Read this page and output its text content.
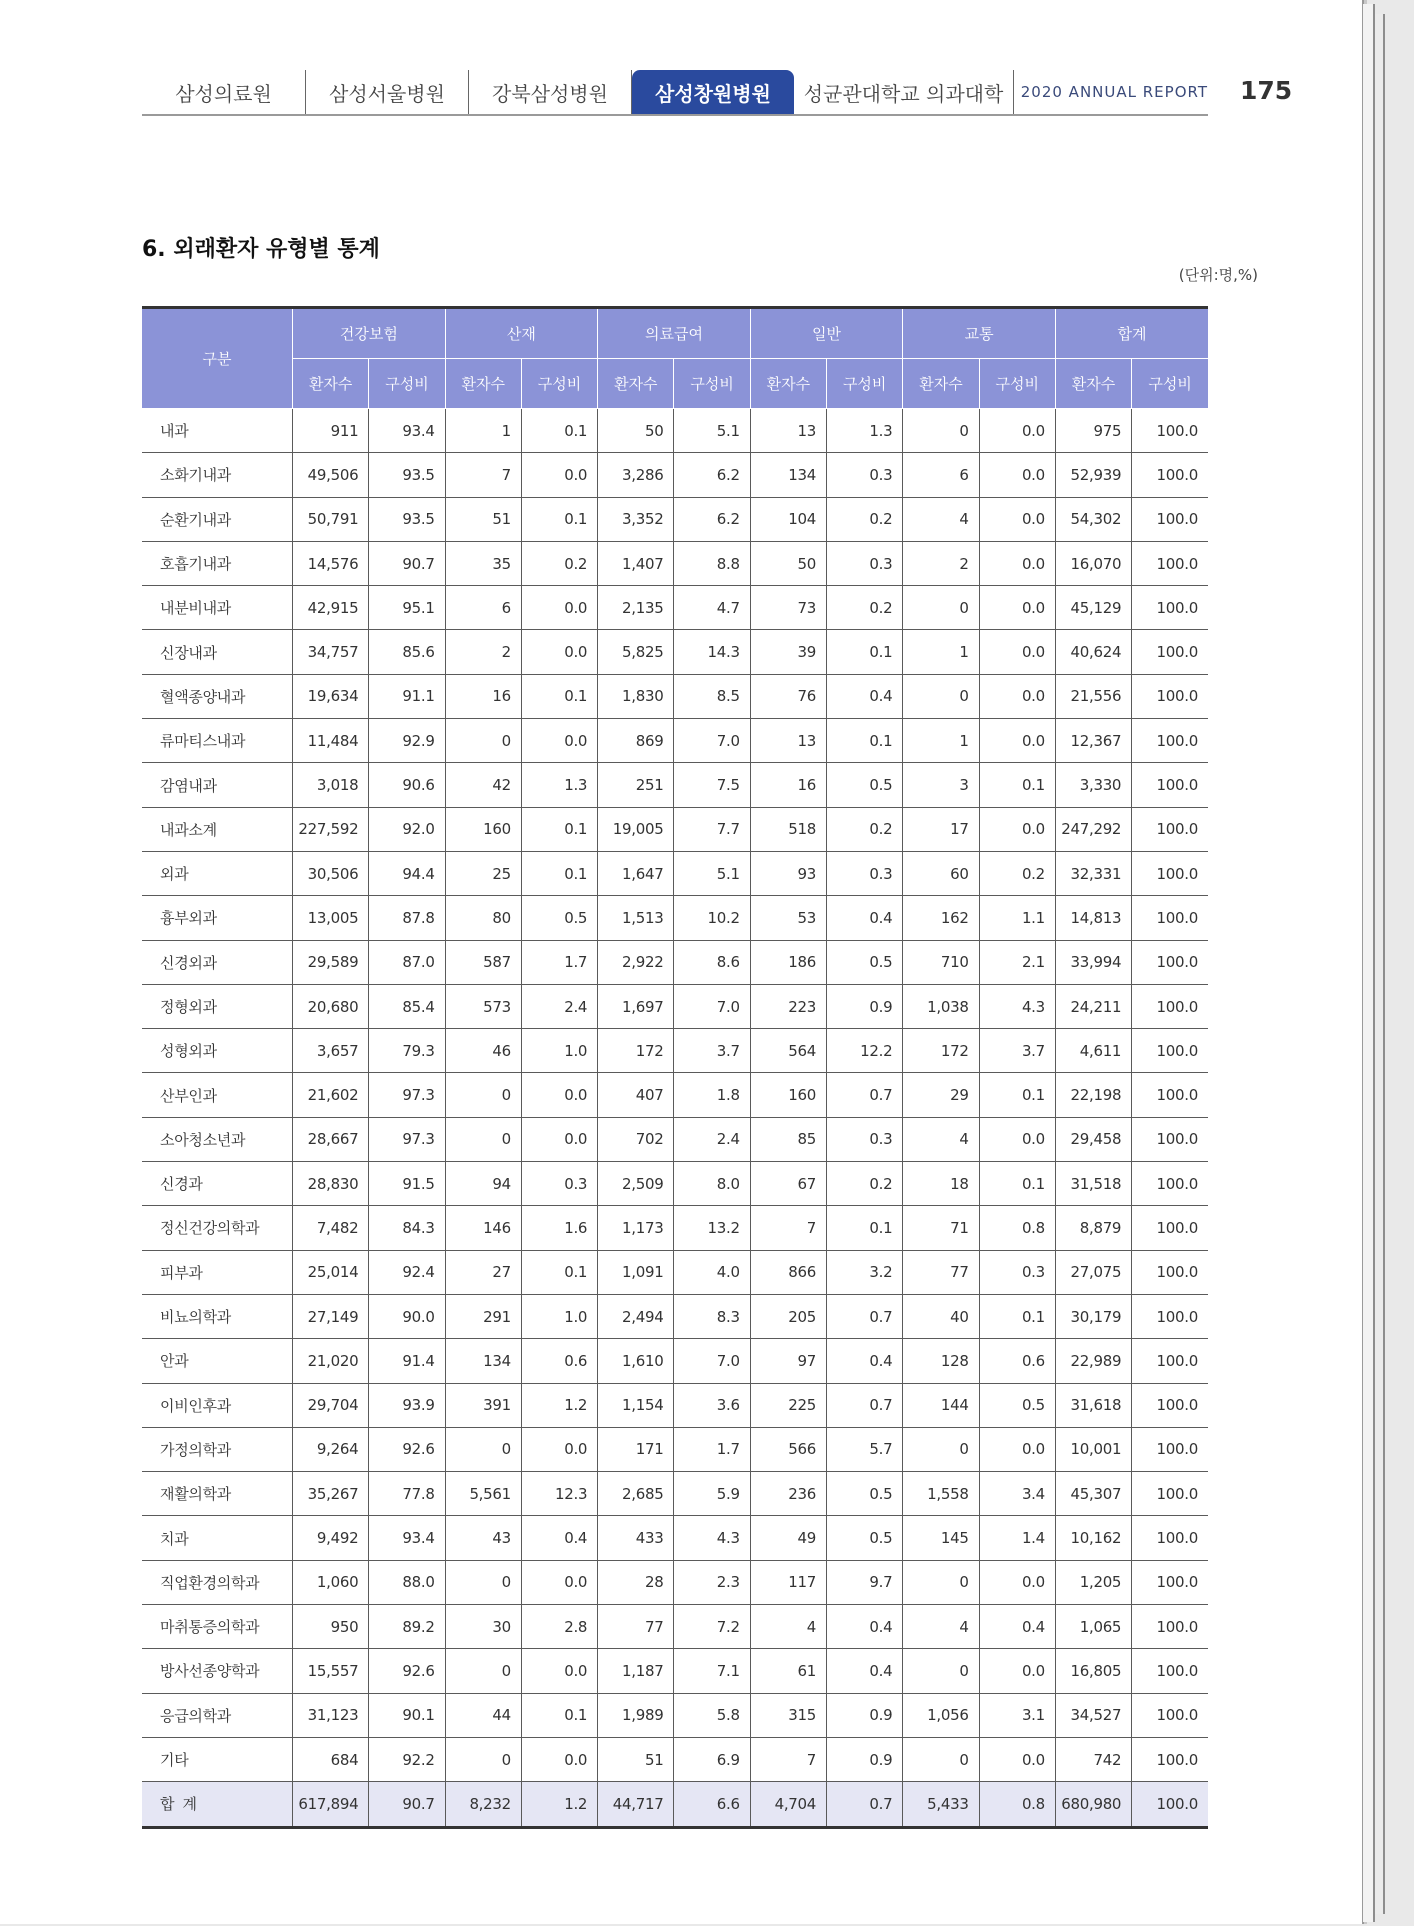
삼성의료원	삼성서울병원	강북삼성병원	삼성창원병원	성균관대학교 의과대학	2020 ANNUAL REPORT 175
6. 외래환자 유형별 통계
(단위:명,%)
구분	건강보험		산재		의료급여		일반		교통		합계	
	환자수	구성비	환자수	구성비	환자수	구성비	환자수	구성비	환자수	구성비	환자수	구성비
내과	911	93.4	1	0.1	50	5.1	13	1.3	0	0.0	975	100.0
소화기내과	49,506	93.5	7	0.0	3,286	6.2	134	0.3	6	0.0	52,939	100.0
순환기내과	50,791	93.5	51	0.1	3,352	6.2	104	0.2	4	0.0	54,302	100.0
호흡기내과	14,576	90.7	35	0.2	1,407	8.8	50	0.3	2	0.0	16,070	100.0
내분비내과	42,915	95.1	6	0.0	2,135	4.7	73	0.2	0	0.0	45,129	100.0
신장내과	34,757	85.6	2	0.0	5,825	14.3	39	0.1	1	0.0	40,624	100.0
혈액종양내과	19,634	91.1	16	0.1	1,830	8.5	76	0.4	0	0.0	21,556	100.0
류마티스내과	11,484	92.9	0	0.0	869	7.0	13	0.1	1	0.0	12,367	100.0
감염내과	3,018	90.6	42	1.3	251	7.5	16	0.5	3	0.1	3,330	100.0
내과소계	227,592	92.0	160	0.1	19,005	7.7	518	0.2	17	0.0	247,292	100.0
외과	30,506	94.4	25	0.1	1,647	5.1	93	0.3	60	0.2	32,331	100.0
흉부외과	13,005	87.8	80	0.5	1,513	10.2	53	0.4	162	1.1	14,813	100.0
신경외과	29,589	87.0	587	1.7	2,922	8.6	186	0.5	710	2.1	33,994	100.0
정형외과	20,680	85.4	573	2.4	1,697	7.0	223	0.9	1,038	4.3	24,211	100.0
성형외과	3,657	79.3	46	1.0	172	3.7	564	12.2	172	3.7	4,611	100.0
산부인과	21,602	97.3	0	0.0	407	1.8	160	0.7	29	0.1	22,198	100.0
소아청소년과	28,667	97.3	0	0.0	702	2.4	85	0.3	4	0.0	29,458	100.0
신경과	28,830	91.5	94	0.3	2,509	8.0	67	0.2	18	0.1	31,518	100.0
정신건강의학과	7,482	84.3	146	1.6	1,173	13.2	7	0.1	71	0.8	8,879	100.0
피부과	25,014	92.4	27	0.1	1,091	4.0	866	3.2	77	0.3	27,075	100.0
비뇨의학과	27,149	90.0	291	1.0	2,494	8.3	205	0.7	40	0.1	30,179	100.0
안과	21,020	91.4	134	0.6	1,610	7.0	97	0.4	128	0.6	22,989	100.0
이비인후과	29,704	93.9	391	1.2	1,154	3.6	225	0.7	144	0.5	31,618	100.0
가정의학과	9,264	92.6	0	0.0	171	1.7	566	5.7	0	0.0	10,001	100.0
재활의학과	35,267	77.8	5,561	12.3	2,685	5.9	236	0.5	1,558	3.4	45,307	100.0
치과	9,492	93.4	43	0.4	433	4.3	49	0.5	145	1.4	10,162	100.0
직업환경의학과	1,060	88.0	0	0.0	28	2.3	117	9.7	0	0.0	1,205	100.0
마취통증의학과	950	89.2	30	2.8	77	7.2	4	0.4	4	0.4	1,065	100.0
방사선종양학과	15,557	92.6	0	0.0	1,187	7.1	61	0.4	0	0.0	16,805	100.0
응급의학과	31,123	90.1	44	0.1	1,989	5.8	315	0.9	1,056	3.1	34,527	100.0
기타	684	92.2	0	0.0	51	6.9	7	0.9	0	0.0	742	100.0
합계	617,894	90.7	8,232	1.2	44,717	6.6	4,704	0.7	5,433	0.8	680,980	100.0
